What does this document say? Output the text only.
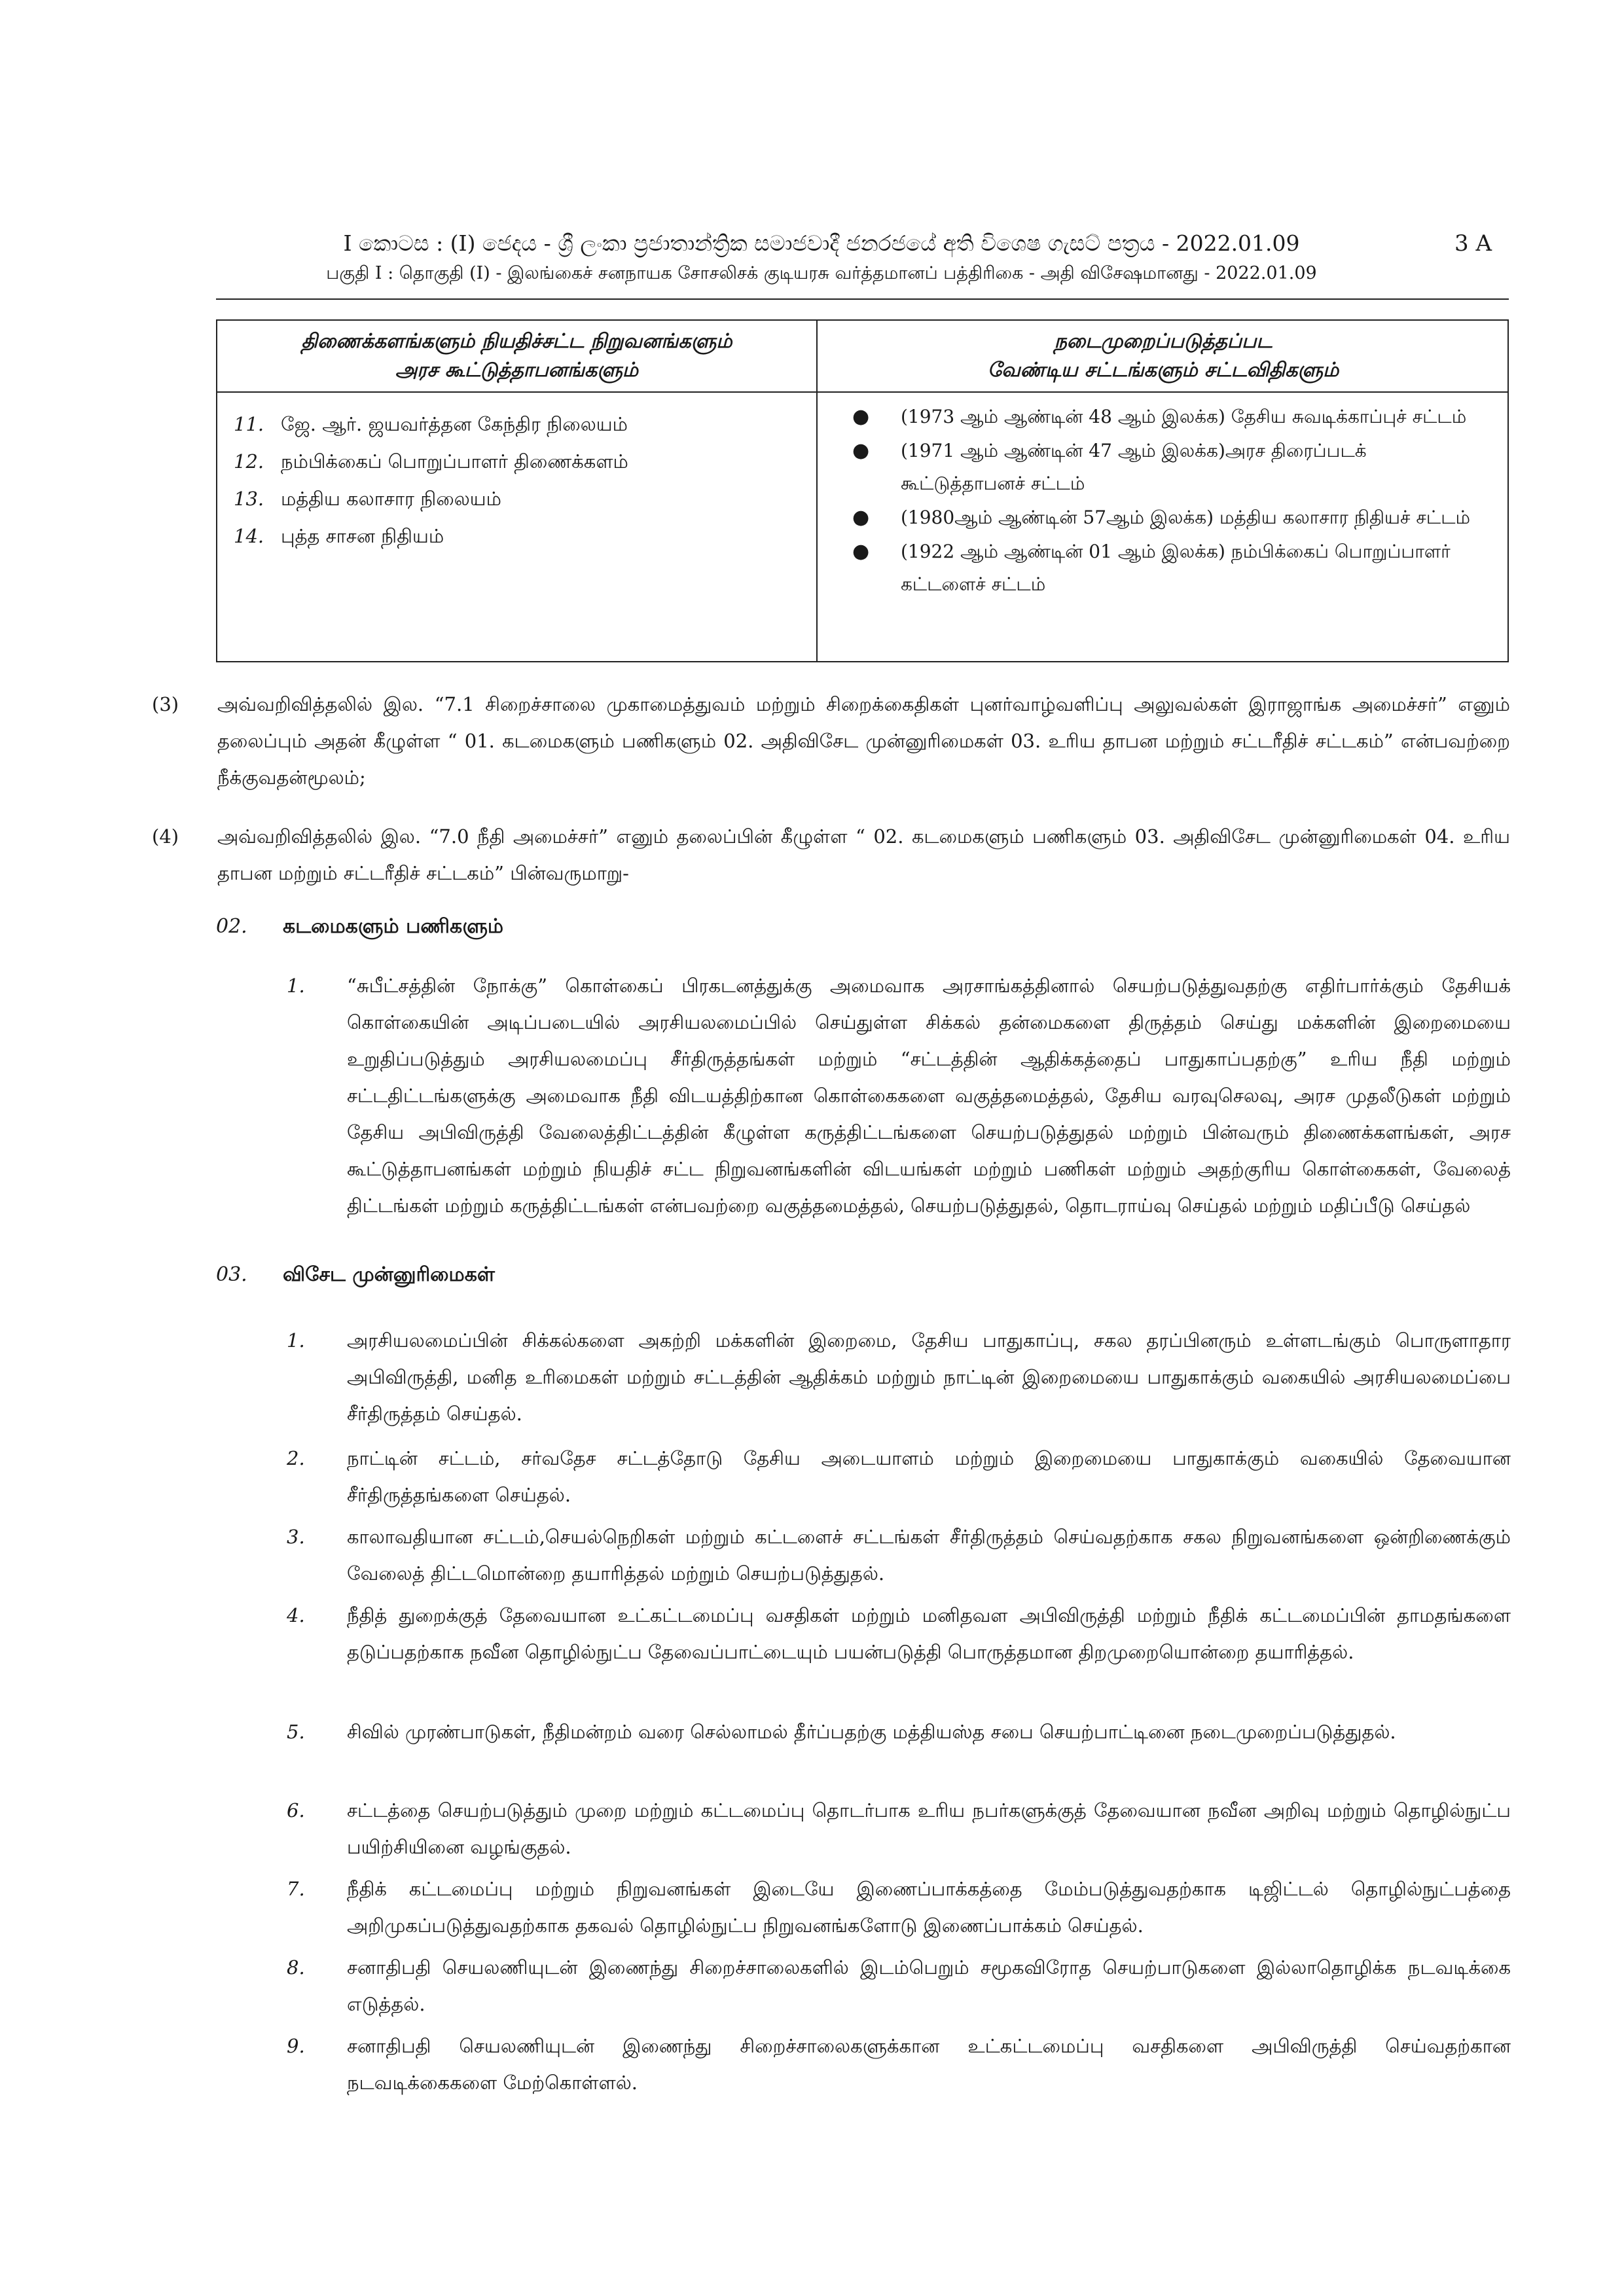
I කොටස : (I) ජෙදය - ශ්‍රී ලංකා ප්‍රජාතාන්ත්‍රික සමාජවාදී ජනරජයේ අති විශෙෂ ගැසට් පත්‍රය - 2022.01.09	3 A
பகுதி I : தொகுதி (I) - இலங்கைச் சனநாயக சோசலிசக் குடியரசு வர்த்தமானப் பத்திரிகை - அதி விசேஷமானது - 2022.01.09
திணைக்களங்களும் நியதிச்சட்ட நிறுவனங்களும்
அரச கூட்டுத்தாபனங்களும்
நடைமுறைப்படுத்தப்பட
வேண்டிய சட்டங்களும் சட்டவிதிகளும்
11. ஜே. ஆர். ஜயவர்த்தன கேந்திர நிலையம்
12. நம்பிக்கைப் பொறுப்பாளர் திணைக்களம்
13. மத்திய கலாசார நிலையம்
14. புத்த சாசன நிதியம்
● (1973 ஆம் ஆண்டின் 48 ஆம் இலக்க) தேசிய சுவடிக்காப்புச் சட்டம்
● (1971 ஆம் ஆண்டின் 47 ஆம் இலக்க)அரச திரைப்படக் கூட்டுத்தாபனச் சட்டம்
● (1980ஆம் ஆண்டின் 57ஆம் இலக்க) மத்திய கலாசார நிதியச் சட்டம்
● (1922 ஆம் ஆண்டின் 01 ஆம் இலக்க) நம்பிக்கைப் பொறுப்பாளர் கட்டளைச் சட்டம்
(3) அவ்வறிவித்தலில் இல. “7.1 சிறைச்சாலை முகாமைத்துவம் மற்றும் சிறைக்கைதிகள் புனர்வாழ்வளிப்பு அலுவல்கள் இராஜாங்க அமைச்சர்” எனும் தலைப்பும் அதன் கீழுள்ள “ 01. கடமைகளும் பணிகளும் 02. அதிவிசேட முன்னுரிமைகள் 03. உரிய தாபன மற்றும் சட்டரீதிச் சட்டகம்” என்பவற்றை நீக்குவதன்மூலம்;
(4) அவ்வறிவித்தலில் இல. “7.0 நீதி அமைச்சர்” எனும் தலைப்பின் கீழுள்ள “ 02. கடமைகளும் பணிகளும் 03. அதிவிசேட முன்னுரிமைகள் 04. உரிய தாபன மற்றும் சட்டரீதிச் சட்டகம்” பின்வருமாறு-
02. கடமைகளும் பணிகளும்
1. “சுபீட்சத்தின் நோக்கு” கொள்கைப் பிரகடனத்துக்கு அமைவாக அரசாங்கத்தினால் செயற்படுத்துவதற்கு எதிர்பார்க்கும் தேசியக் கொள்கையின் அடிப்படையில் அரசியலமைப்பில் செய்துள்ள சிக்கல் தன்மைகளை திருத்தம் செய்து மக்களின் இறைமையை உறுதிப்படுத்தும் அரசியலமைப்பு சீர்திருத்தங்கள் மற்றும் “சட்டத்தின் ஆதிக்கத்தைப் பாதுகாப்பதற்கு” உரிய நீதி மற்றும் சட்டதிட்டங்களுக்கு அமைவாக நீதி விடயத்திற்கான கொள்கைகளை வகுத்தமைத்தல், தேசிய வரவுசெலவு, அரச முதலீடுகள் மற்றும் தேசிய அபிவிருத்தி வேலைத்திட்டத்தின் கீழுள்ள கருத்திட்டங்களை செயற்படுத்துதல் மற்றும் பின்வரும் திணைக்களங்கள், அரச கூட்டுத்தாபனங்கள் மற்றும் நியதிச் சட்ட நிறுவனங்களின் விடயங்கள் மற்றும் பணிகள் மற்றும் அதற்குரிய கொள்கைகள், வேலைத் திட்டங்கள் மற்றும் கருத்திட்டங்கள் என்பவற்றை வகுத்தமைத்தல், செயற்படுத்துதல், தொடராய்வு செய்தல் மற்றும் மதிப்பீடு செய்தல்
03. விசேட முன்னுரிமைகள்
1. அரசியலமைப்பின் சிக்கல்களை அகற்றி மக்களின் இறைமை, தேசிய பாதுகாப்பு, சகல தரப்பினரும் உள்ளடங்கும் பொருளாதார அபிவிருத்தி, மனித உரிமைகள் மற்றும் சட்டத்தின் ஆதிக்கம் மற்றும் நாட்டின் இறைமையை பாதுகாக்கும் வகையில் அரசியலமைப்பை சீர்திருத்தம் செய்தல்.
2. நாட்டின் சட்டம், சர்வதேச சட்டத்தோடு தேசிய அடையாளம் மற்றும் இறைமையை பாதுகாக்கும் வகையில் தேவையான சீர்திருத்தங்களை செய்தல்.
3. காலாவதியான சட்டம்,செயல்நெறிகள் மற்றும் கட்டளைச் சட்டங்கள் சீர்திருத்தம் செய்வதற்காக சகல நிறுவனங்களை ஒன்றிணைக்கும் வேலைத் திட்டமொன்றை தயாரித்தல் மற்றும் செயற்படுத்துதல்.
4. நீதித் துறைக்குத் தேவையான உட்கட்டமைப்பு வசதிகள் மற்றும் மனிதவள அபிவிருத்தி மற்றும் நீதிக் கட்டமைப்பின் தாமதங்களை தடுப்பதற்காக நவீன தொழில்நுட்ப தேவைப்பாட்டையும் பயன்படுத்தி பொருத்தமான திறமுறையொன்றை தயாரித்தல்.
5. சிவில் முரண்பாடுகள், நீதிமன்றம் வரை செல்லாமல் தீர்ப்பதற்கு மத்தியஸ்த சபை செயற்பாட்டினை நடைமுறைப்படுத்துதல்.
6. சட்டத்தை செயற்படுத்தும் முறை மற்றும் கட்டமைப்பு தொடர்பாக உரிய நபர்களுக்குத் தேவையான நவீன அறிவு மற்றும் தொழில்நுட்ப பயிற்சியினை வழங்குதல்.
7. நீதிக் கட்டமைப்பு மற்றும் நிறுவனங்கள் இடையே இணைப்பாக்கத்தை மேம்படுத்துவதற்காக டிஜிட்டல் தொழில்நுட்பத்தை அறிமுகப்படுத்துவதற்காக தகவல் தொழில்நுட்ப நிறுவனங்களோடு இணைப்பாக்கம் செய்தல்.
8. சனாதிபதி செயலணியுடன் இணைந்து சிறைச்சாலைகளில் இடம்பெறும் சமூகவிரோத செயற்பாடுகளை இல்லாதொழிக்க நடவடிக்கை எடுத்தல்.
9. சனாதிபதி செயலணியுடன் இணைந்து சிறைச்சாலைகளுக்கான உட்கட்டமைப்பு வசதிகளை அபிவிருத்தி செய்வதற்கான நடவடிக்கைகளை மேற்கொள்ளல்.
